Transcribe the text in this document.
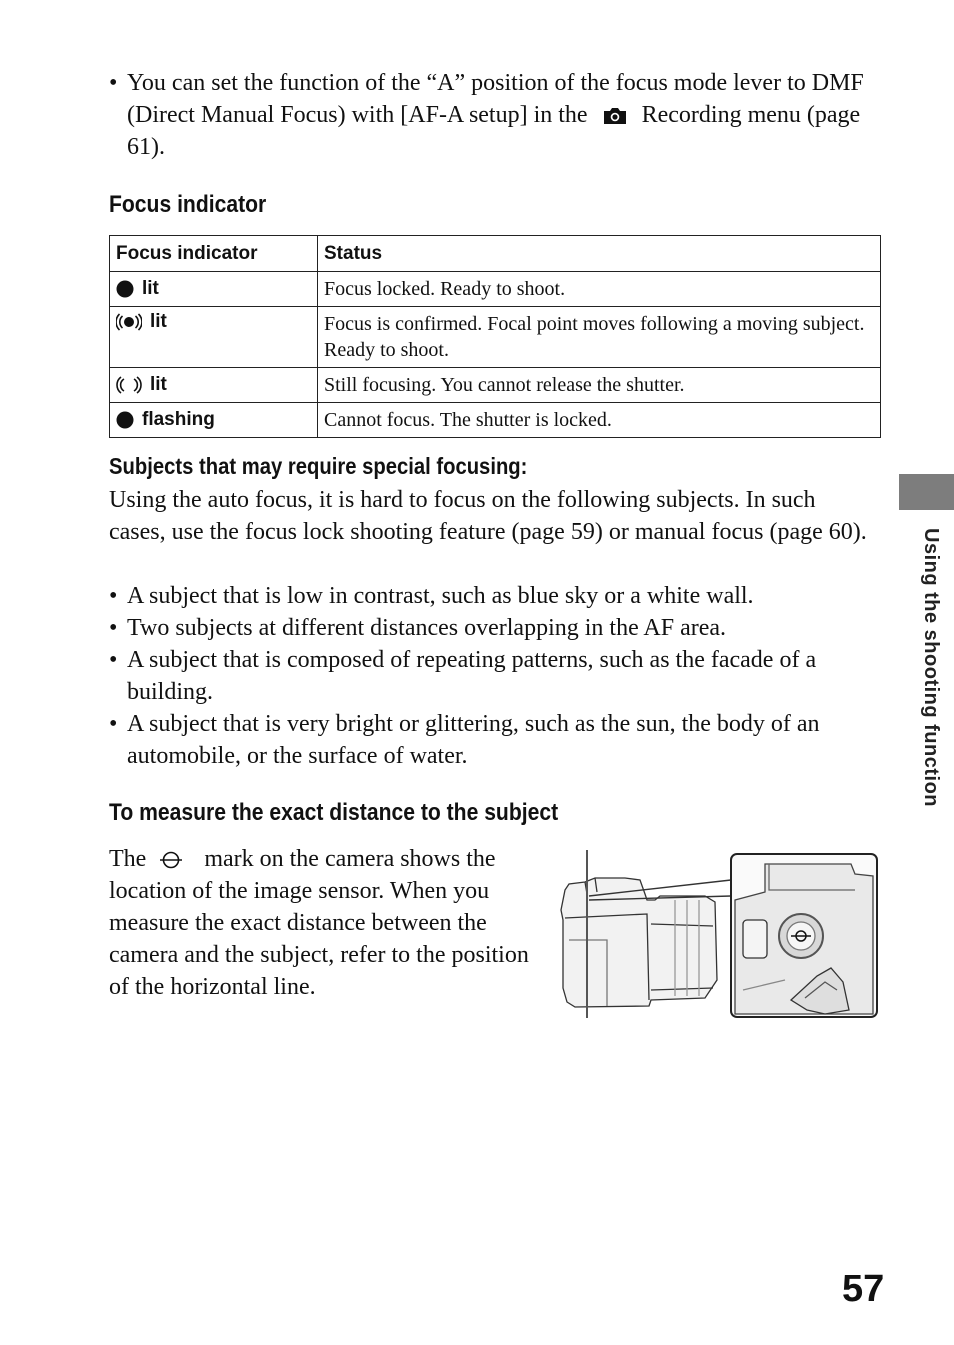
• You can set the function of the “A” position of the focus mode lever to DMF (Direct Manual Focus) with [AF-A setup] in the Recording menu (page 61).
Focus indicator
Focus indicator	Status
lit	Focus locked. Ready to shoot.
lit	Focus is confirmed. Focal point moves following a moving subject. Ready to shoot.
lit	Still focusing. You cannot release the shutter.
flashing	Cannot focus. The shutter is locked.
Subjects that may require special focusing:
Using the auto focus, it is hard to focus on the following subjects. In such cases, use the focus lock shooting feature (page 59) or manual focus (page 60).
• A subject that is low in contrast, such as blue sky or a white wall.
• Two subjects at different distances overlapping in the AF area.
• A subject that is composed of repeating patterns, such as the facade of a building.
• A subject that is very bright or glittering, such as the sun, the body of an automobile, or the surface of water.
To measure the exact distance to the subject
The mark on the camera shows the location of the image sensor. When you measure the exact distance between the camera and the subject, refer to the position of the horizontal line.
Using the shooting function
57
